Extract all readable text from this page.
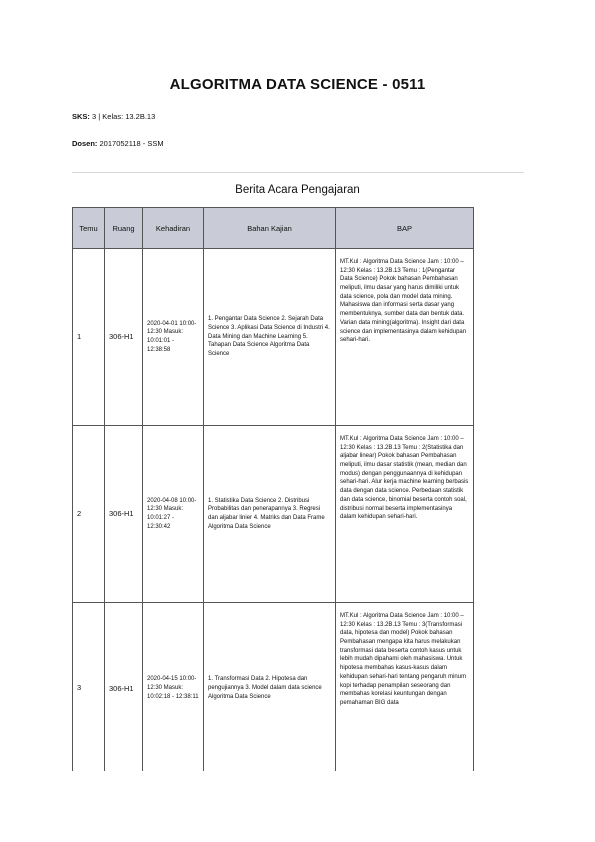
ALGORITMA DATA SCIENCE - 0511
SKS: 3 | Kelas: 13.2B.13
Dosen: 2017052118 - SSM
Berita Acara Pengajaran
Temu	Ruang	Kehadiran	Bahan Kajian	BAP
1	306-H1	2020-04-01 10:00-12:30 Masuk: 10:01:01 - 12:38:58	1. Pengantar Data Science 2. Sejarah Data Science 3. Aplikasi Data Science di Industri 4. Data Mining dan Machine Learning 5. Tahapan Data Science Algoritma Data Science	MT.Kul : Algoritma Data Science Jam : 10:00 – 12:30 Kelas : 13.2B.13 Temu : 1(Pengantar Data Science) Pokok bahasan Pembahasan meliputi, ilmu dasar yang harus dimiliki untuk data science, pola dan model data mining. Mahasiswa dan informasi serta dasar yang membentuknya, sumber data dan bentuk data. Varian data mining(algoritma). Insight dari data science dan implementasinya dalam kehidupan sehari-hari.
2	306-H1	2020-04-08 10:00-12:30 Masuk: 10:01:27 - 12:30:42	1. Statistika Data Science 2. Distribusi Probabilitas dan penerapannya 3. Regresi dan aljabar linier 4. Matriks dan Data Frame Algoritma Data Science	MT.Kul : Algoritma Data Science Jam : 10:00 – 12:30 Kelas : 13.2B.13 Temu : 2(Statistika dan aljabar linear) Pokok bahasan Pembahasan meliputi, ilmu dasar statistik (mean, median dan modus) dengan penggunaannya di kehidupan sehari-hari. Alur kerja machine learning berbasis data dengan data science. Perbedaan statistik dan data science, binomial beserta contoh soal, distribusi normal beserta implementasinya dalam kehidupan sehari-hari.
3	306-H1	2020-04-15 10:00-12:30 Masuk: 10:02:18 - 12:38:11	1. Transformasi Data 2. Hipotesa dan pengujiannya 3. Model dalam data science Algoritma Data Science	MT.Kul : Algoritma Data Science Jam : 10:00 – 12:30 Kelas : 13.2B.13 Temu : 3(Transformasi data, hipotesa dan model) Pokok bahasan Pembahasan mengapa kita harus melakukan transformasi data beserta contoh kasus untuk lebih mudah dipahami oleh mahasiswa. Untuk hipotesa membahas kasus-kasus dalam kehidupan sehari-hari tentang pengaruh minum kopi terhadap penampilan seseorang dan membahas korelasi keuntungan dengan pemahaman BIG data
